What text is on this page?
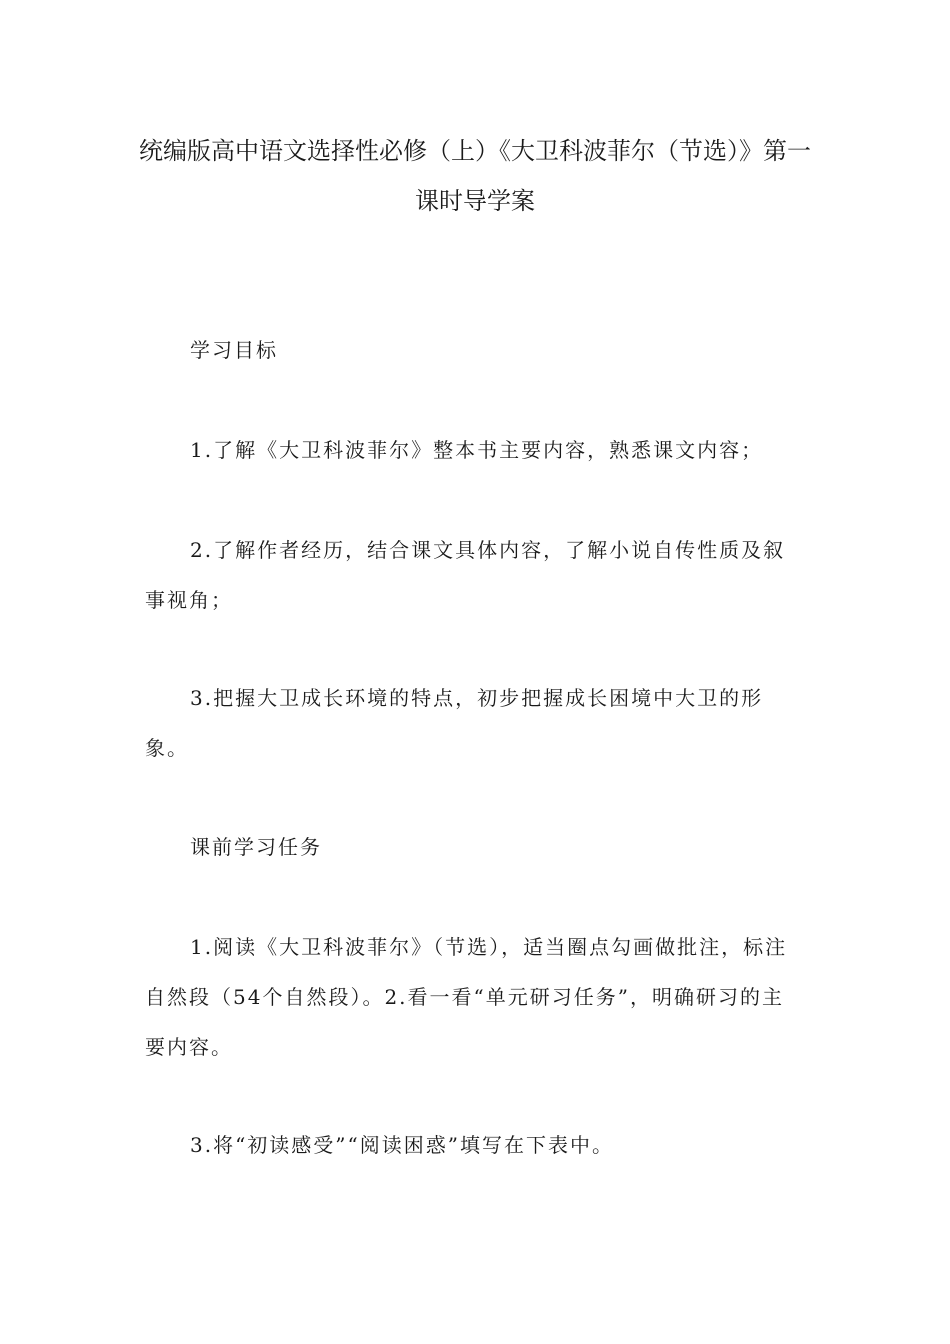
统编版高中语文选择性必修（上）《大卫科波菲尔（节选）》第一
课时导学案
学习目标
1.了解《大卫科波菲尔》整本书主要内容，熟悉课文内容；
2.了解作者经历，结合课文具体内容，了解小说自传性质及叙事视角；
3.把握大卫成长环境的特点，初步把握成长困境中大卫的形象。
课前学习任务
1.阅读《大卫科波菲尔》（节选），适当圈点勾画做批注，标注自然段（54个自然段）。2.看一看“单元研习任务”，明确研习的主要内容。
3.将“初读感受”“阅读困惑”填写在下表中。
